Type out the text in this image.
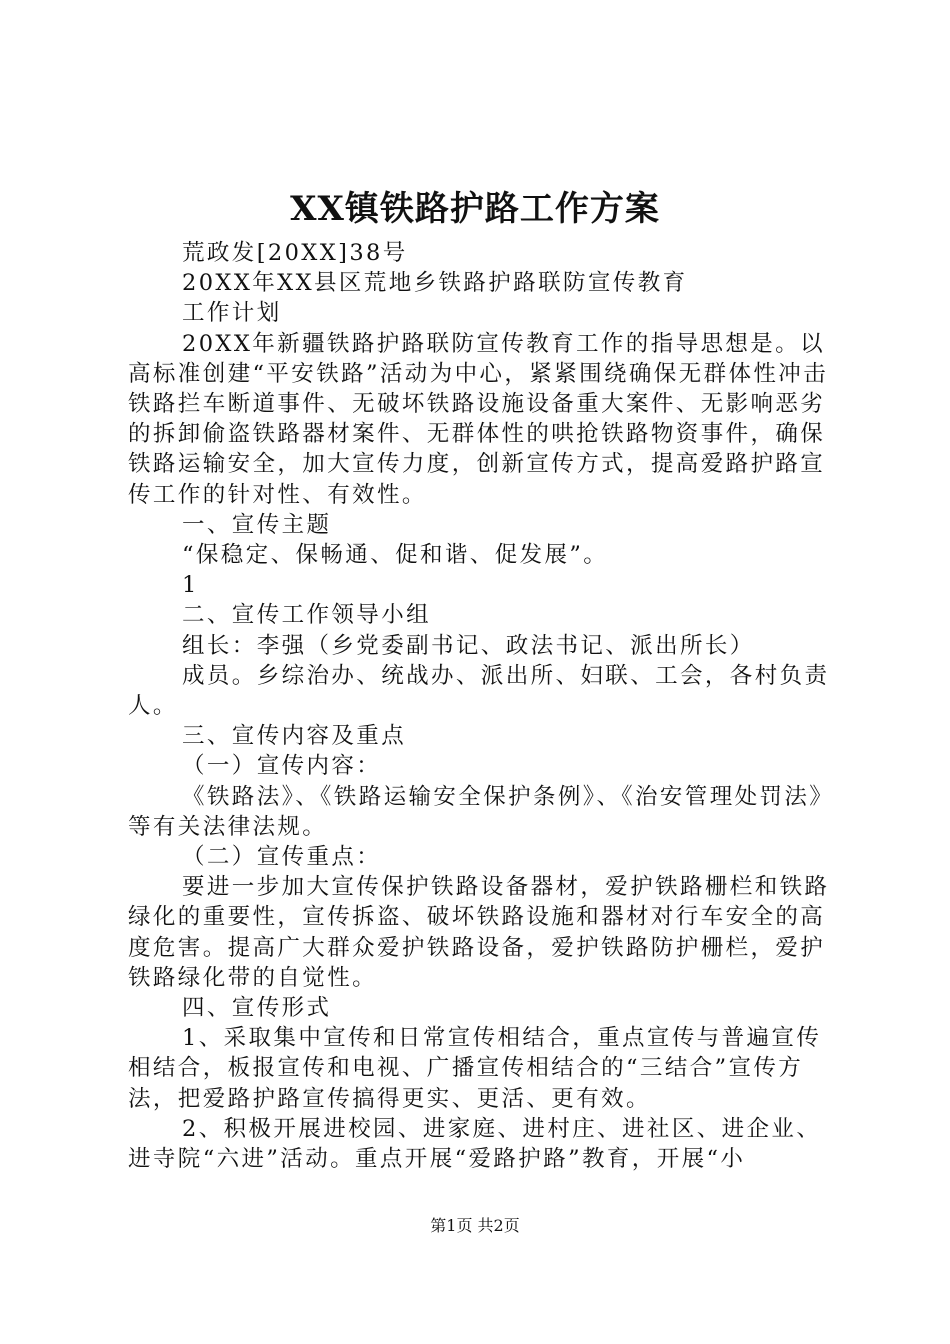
XX镇铁路护路工作方案

荒政发[20XX]38号

20XX年XX县区荒地乡铁路护路联防宣传教育

工作计划

20XX年新疆铁路护路联防宣传教育工作的指导思想是。以高标准创建“平安铁路”活动为中心，紧紧围绕确保无群体性冲击铁路拦车断道事件、无破坏铁路设施设备重大案件、无影响恶劣的拆卸偷盗铁路器材案件、无群体性的哄抢铁路物资事件，确保铁路运输安全，加大宣传力度，创新宣传方式，提高爱路护路宣传工作的针对性、有效性。

一、宣传主题

“保稳定、保畅通、促和谐、促发展”。

1

二、宣传工作领导小组

组长：李强（乡党委副书记、政法书记、派出所长）

成员。乡综治办、统战办、派出所、妇联、工会，各村负责人。

三、宣传内容及重点

（一）宣传内容：

《铁路法》、《铁路运输安全保护条例》、《治安管理处罚法》等有关法律法规。

（二）宣传重点：

要进一步加大宣传保护铁路设备器材，爱护铁路栅栏和铁路绿化的重要性，宣传拆盗、破坏铁路设施和器材对行车安全的高度危害。提高广大群众爱护铁路设备，爱护铁路防护栅栏，爱护铁路绿化带的自觉性。

四、宣传形式

1、采取集中宣传和日常宣传相结合，重点宣传与普遍宣传相结合，板报宣传和电视、广播宣传相结合的“三结合”宣传方法，把爱路护路宣传搞得更实、更活、更有效。

2、积极开展进校园、进家庭、进村庄、进社区、进企业、进寺院“六进”活动。重点开展“爱路护路”教育，开展“小

第1页 共2页
